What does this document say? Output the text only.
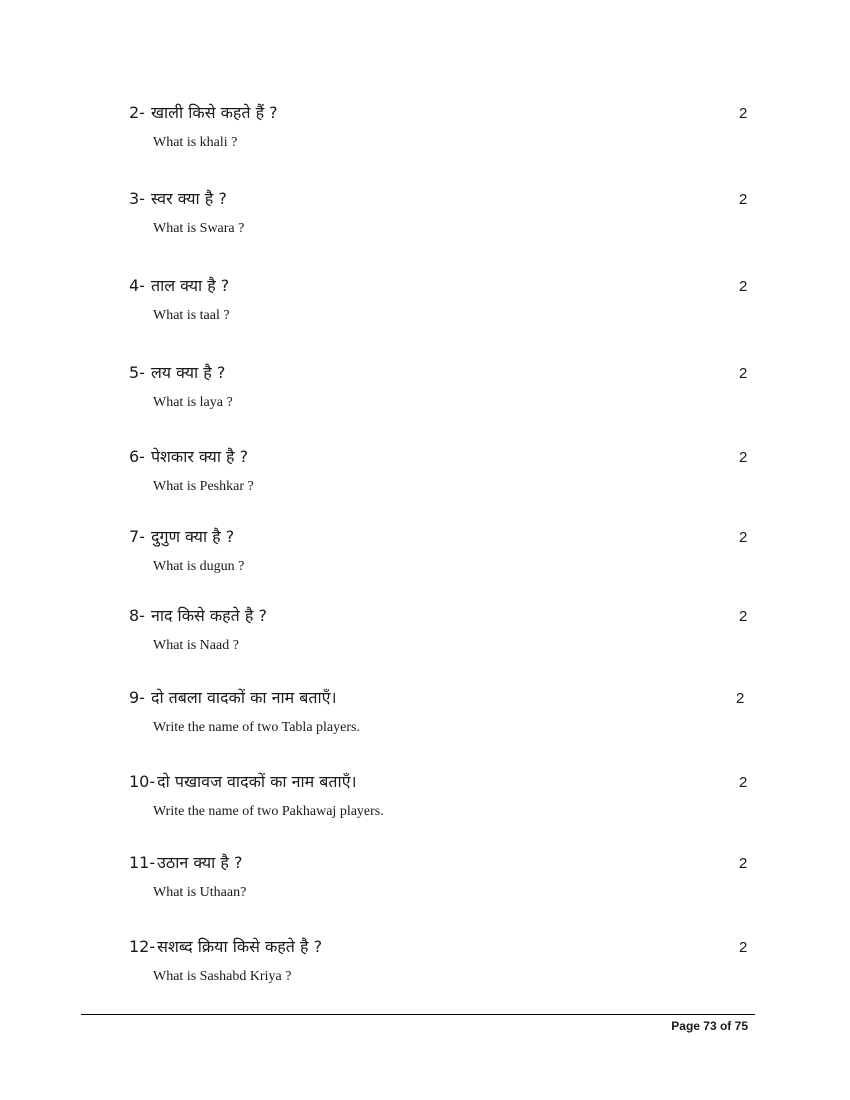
2- खाली किसे कहते हैं ?	2
What is khali ?
3- स्वर क्या है ?	2
What is Swara ?
4- ताल क्या है ?	2
What is taal ?
5- लय क्या है ?	2
What is laya ?
6- पेशकार क्या है ?	2
What is Peshkar ?
7- दुगुण क्या है ?	2
What is dugun ?
8- नाद किसे कहते है ?	2
What is Naad ?
9- दो तबला वादकों का नाम बताएँ।	2
Write the name of two Tabla players.
10- दो पखावज वादकों का नाम बताएँ।	2
Write the name of two Pakhawaj players.
11- उठान क्या है ?	2
What is Uthaan?
12- सशब्द क्रिया किसे कहते है ?	2
What is Sashabd Kriya ?
Page 73 of 75
